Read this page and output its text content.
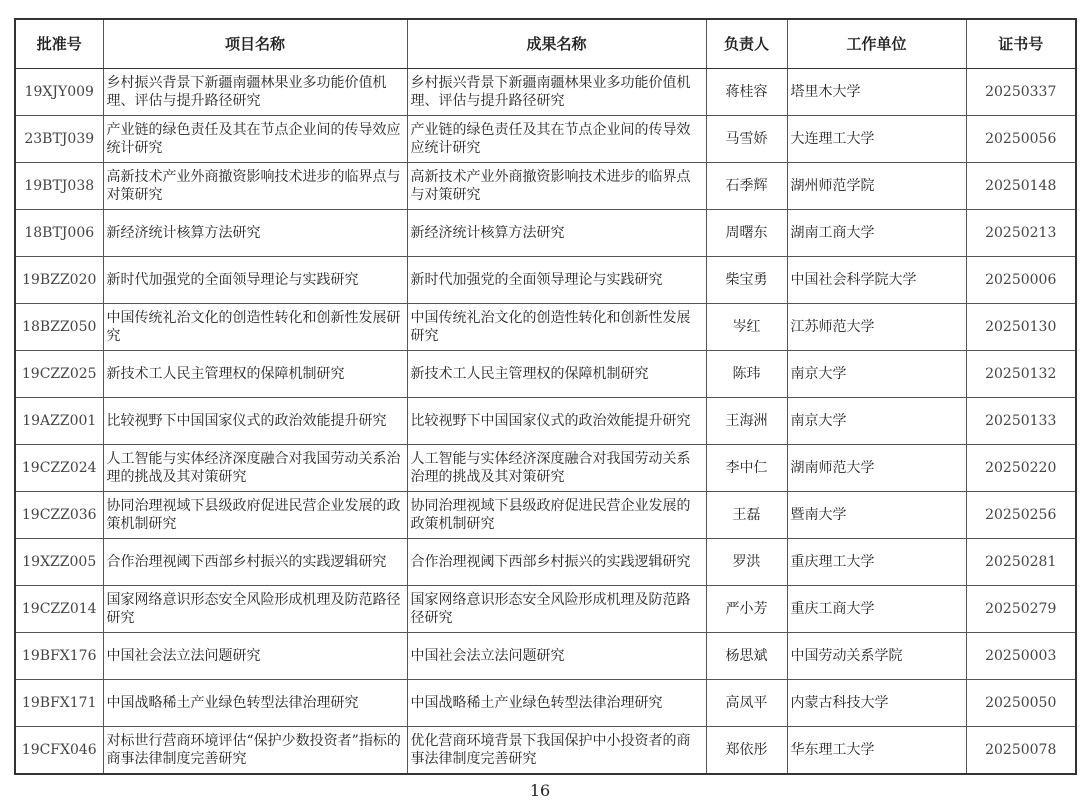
批准号	项目名称	成果名称	负责人	工作单位	证书号
19XJY009	乡村振兴背景下新疆南疆林果业多功能价值机理、评估与提升路径研究	乡村振兴背景下新疆南疆林果业多功能价值机理、评估与提升路径研究	蒋桂容	塔里木大学	20250337
23BTJ039	产业链的绿色责任及其在节点企业间的传导效应统计研究	产业链的绿色责任及其在节点企业间的传导效应统计研究	马雪娇	大连理工大学	20250056
19BTJ038	高新技术产业外商撤资影响技术进步的临界点与对策研究	高新技术产业外商撤资影响技术进步的临界点与对策研究	石季辉	湖州师范学院	20250148
18BTJ006	新经济统计核算方法研究	新经济统计核算方法研究	周曙东	湖南工商大学	20250213
19BZZ020	新时代加强党的全面领导理论与实践研究	新时代加强党的全面领导理论与实践研究	柴宝勇	中国社会科学院大学	20250006
18BZZ050	中国传统礼治文化的创造性转化和创新性发展研究	中国传统礼治文化的创造性转化和创新性发展研究	岑红	江苏师范大学	20250130
19CZZ025	新技术工人民主管理权的保障机制研究	新技术工人民主管理权的保障机制研究	陈玮	南京大学	20250132
19AZZ001	比较视野下中国国家仪式的政治效能提升研究	比较视野下中国国家仪式的政治效能提升研究	王海洲	南京大学	20250133
19CZZ024	人工智能与实体经济深度融合对我国劳动关系治理的挑战及其对策研究	人工智能与实体经济深度融合对我国劳动关系治理的挑战及其对策研究	李中仁	湖南师范大学	20250220
19CZZ036	协同治理视域下县级政府促进民营企业发展的政策机制研究	协同治理视域下县级政府促进民营企业发展的政策机制研究	王磊	暨南大学	20250256
19XZZ005	合作治理视阈下西部乡村振兴的实践逻辑研究	合作治理视阈下西部乡村振兴的实践逻辑研究	罗洪	重庆理工大学	20250281
19CZZ014	国家网络意识形态安全风险形成机理及防范路径研究	国家网络意识形态安全风险形成机理及防范路径研究	严小芳	重庆工商大学	20250279
19BFX176	中国社会法立法问题研究	中国社会法立法问题研究	杨思斌	中国劳动关系学院	20250003
19BFX171	中国战略稀土产业绿色转型法律治理研究	中国战略稀土产业绿色转型法律治理研究	高凤平	内蒙古科技大学	20250050
19CFX046	对标世行营商环境评估“保护少数投资者”指标的商事法律制度完善研究	优化营商环境背景下我国保护中小投资者的商事法律制度完善研究	郑依彤	华东理工大学	20250078
16
